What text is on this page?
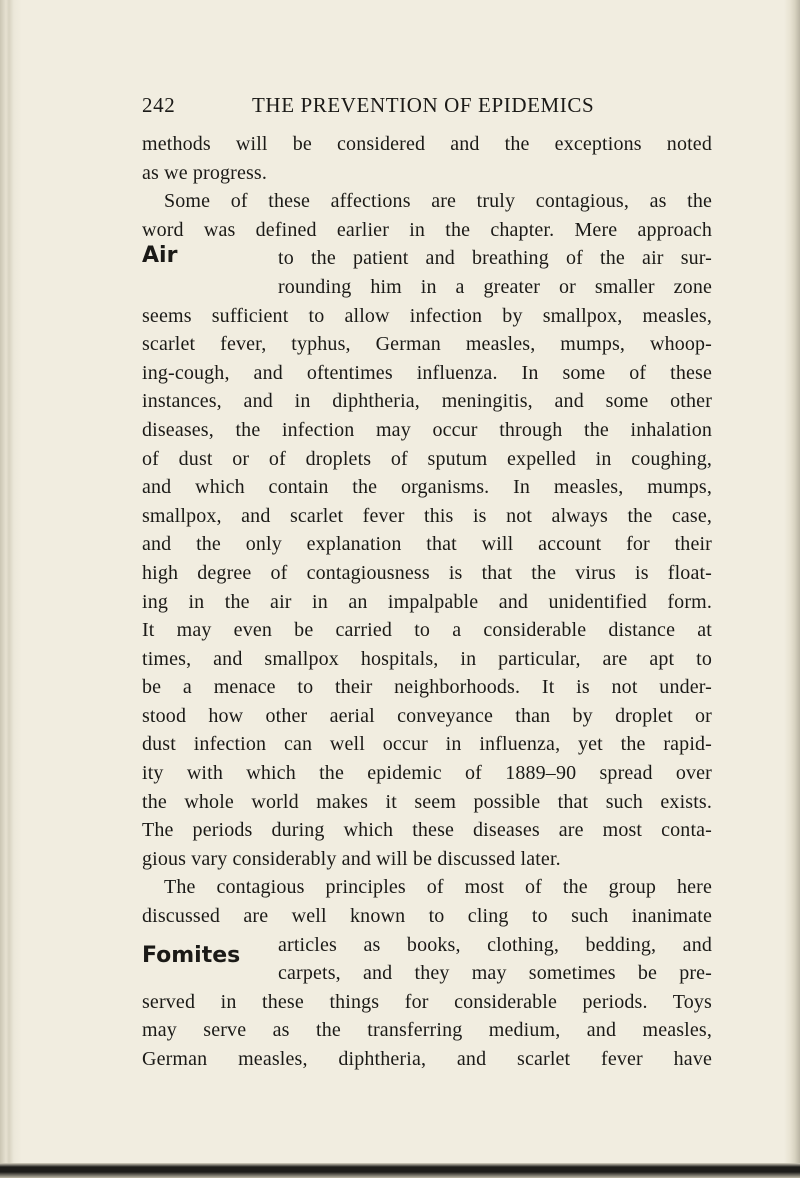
242	THE PREVENTION OF EPIDEMICS
Air
Fomites
methods will be considered and the exceptions noted
as we progress.
Some of these affections are truly contagious, as the
word was defined earlier in the chapter. Mere approach
to the patient and breathing of the air sur-
rounding him in a greater or smaller zone
seems sufficient to allow infection by smallpox, measles,
scarlet fever, typhus, German measles, mumps, whoop-
ing-cough, and oftentimes influenza. In some of these
instances, and in diphtheria, meningitis, and some other
diseases, the infection may occur through the inhalation
of dust or of droplets of sputum expelled in coughing,
and which contain the organisms. In measles, mumps,
smallpox, and scarlet fever this is not always the case,
and the only explanation that will account for their
high degree of contagiousness is that the virus is float-
ing in the air in an impalpable and unidentified form.
It may even be carried to a considerable distance at
times, and smallpox hospitals, in particular, are apt to
be a menace to their neighborhoods. It is not under-
stood how other aerial conveyance than by droplet or
dust infection can well occur in influenza, yet the rapid-
ity with which the epidemic of 1889–90 spread over
the whole world makes it seem possible that such exists.
The periods during which these diseases are most conta-
gious vary considerably and will be discussed later.
The contagious principles of most of the group here
discussed are well known to cling to such inanimate
articles as books, clothing, bedding, and
carpets, and they may sometimes be pre-
served in these things for considerable periods. Toys
may serve as the transferring medium, and measles,
German measles, diphtheria, and scarlet fever have
